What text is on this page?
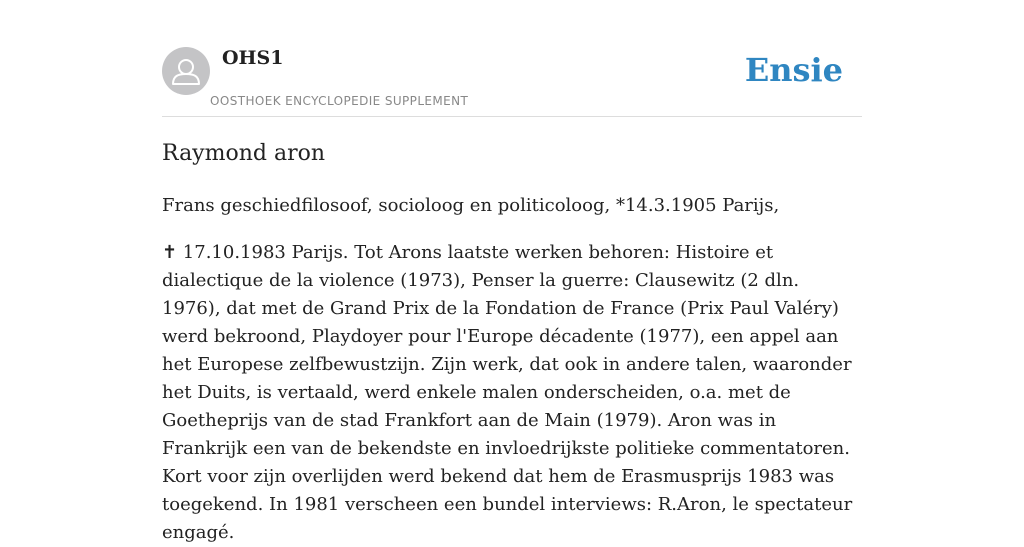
OHS1
OOSTHOEK ENCYCLOPEDIE SUPPLEMENT
Ensie
Raymond aron

Frans geschiedfilosoof, socioloog en politicoloog, *14.3.1905 Parijs,

✝ 17.10.1983 Parijs. Tot Arons laatste werken behoren: Histoire et dialectique de la violence (1973), Penser la guerre: Clausewitz (2 dln. 1976), dat met de Grand Prix de la Fondation de France (Prix Paul Valéry) werd bekroond, Playdoyer pour l'Europe décadente (1977), een appel aan het Europese zelfbewustzijn. Zijn werk, dat ook in andere talen, waaronder het Duits, is vertaald, werd enkele malen onderscheiden, o.a. met de Goetheprijs van de stad Frankfort aan de Main (1979). Aron was in Frankrijk een van de bekendste en invloedrijkste politieke commentatoren. Kort voor zijn overlijden werd bekend dat hem de Erasmusprijs 1983 was toegekend. In 1981 verscheen een bundel interviews: R.Aron, le spectateur engagé.
